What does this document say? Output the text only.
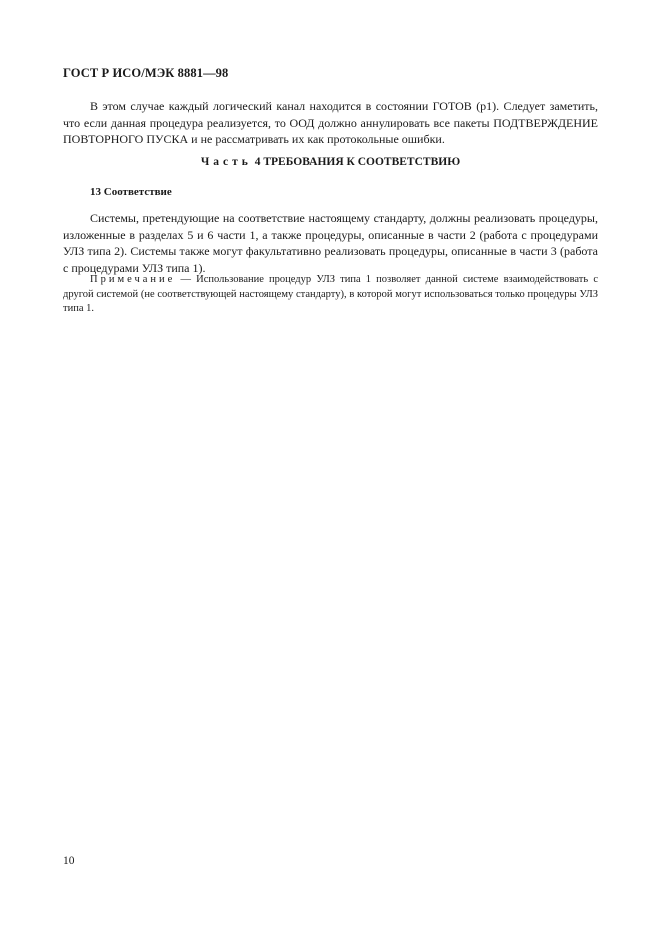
ГОСТ Р ИСО/МЭК 8881—98

В этом случае каждый логический канал находится в состоянии ГОТОВ (р1). Следует заметить, что если данная процедура реализуется, то ООД должно аннулировать все пакеты ПОДТВЕРЖДЕНИЕ ПОВТОРНОГО ПУСКА и не рассматривать их как протокольные ошибки.

Часть 4 ТРЕБОВАНИЯ К СООТВЕТСТВИЮ
13 Соответствие

Системы, претендующие на соответствие настоящему стандарту, должны реализовать процедуры, изложенные в разделах 5 и 6 части 1, а также процедуры, описанные в части 2 (работа с процедурами УЛЗ типа 2). Системы также могут факультативно реализовать процедуры, описанные в части 3 (работа с процедурами УЛЗ типа 1).

Примечание — Использование процедур УЛЗ типа 1 позволяет данной системе взаимодействовать с другой системой (не соответствующей настоящему стандарту), в которой могут использоваться только процедуры УЛЗ типа 1.

10
